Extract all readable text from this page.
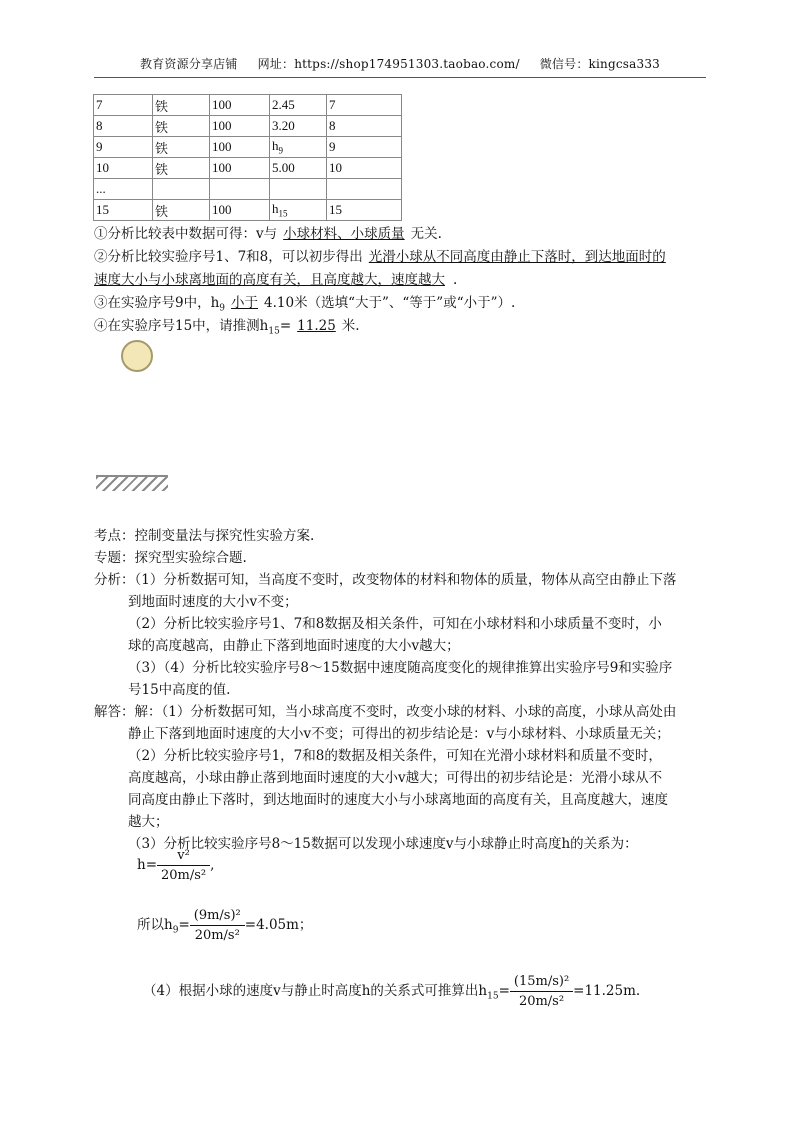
教育资源分享店铺 网址：https://shop174951303.taobao.com/ 微信号：kingcsa333
7	铁	100	2.45	7
8	铁	100	3.20	8
9	铁	100	$h_9$	9
10	铁	100	5.00	10
...				
15	铁	100	$h_{15}$	15
①分析比较表中数据可得：v与 小球材料、小球质量 无关.
②分析比较实验序号1、7和8，可以初步得出 光滑小球从不同高度由静止下落时，到达地面时的
速度大小与小球离地面的高度有关，且高度越大，速度越大 .
③在实验序号9中，$h_9$ 小于 4.10米（选填“大于”、“等于”或“小于”）.
④在实验序号15中，请推测$h_{15}= 11.25$ 米.
考点：控制变量法与探究性实验方案.
专题：探究型实验综合题.
分析：（1）分析数据可知，当高度不变时，改变物体的材料和物体的质量，物体从高空由静止下落
到地面时速度的大小v不变；
（2）分析比较实验序号1、7和8数据及相关条件，可知在小球材料和小球质量不变时，小
球的高度越高，由静止下落到地面时速度的大小v越大；
（3）（4）分析比较实验序号8～15数据中速度随高度变化的规律推算出实验序号9和实验序
号15中高度的值.
解答：解：（1）分析数据可知，当小球高度不变时，改变小球的材料、小球的高度，小球从高处由
静止下落到地面时速度的大小v不变；可得出的初步结论是：v与小球材料、小球质量无关；
（2）分析比较实验序号1，7和8的数据及相关条件，可知在光滑小球材料和质量不变时，
高度越高，小球由静止落到地面时速度的大小v越大；可得出的初步结论是：光滑小球从不
同高度由静止下落时，到达地面时的速度大小与小球离地面的高度有关，且高度越大，速度
越大；
（3）分析比较实验序号8～15数据可以发现小球速度v与小球静止时高度h的关系为：
$h= \frac{\text{v²}}{\text{20m/s²}}$ ,
所以$h_9= \frac{\text{(9m/s)²}}{\text{20m/s²}} =4.05m$；
（4）根据小球的速度v与静止时高度h的关系式可推算出$h_{15}= \frac{\text{(15m/s)²}}{\text{20m/s²}} =11.25m$.
